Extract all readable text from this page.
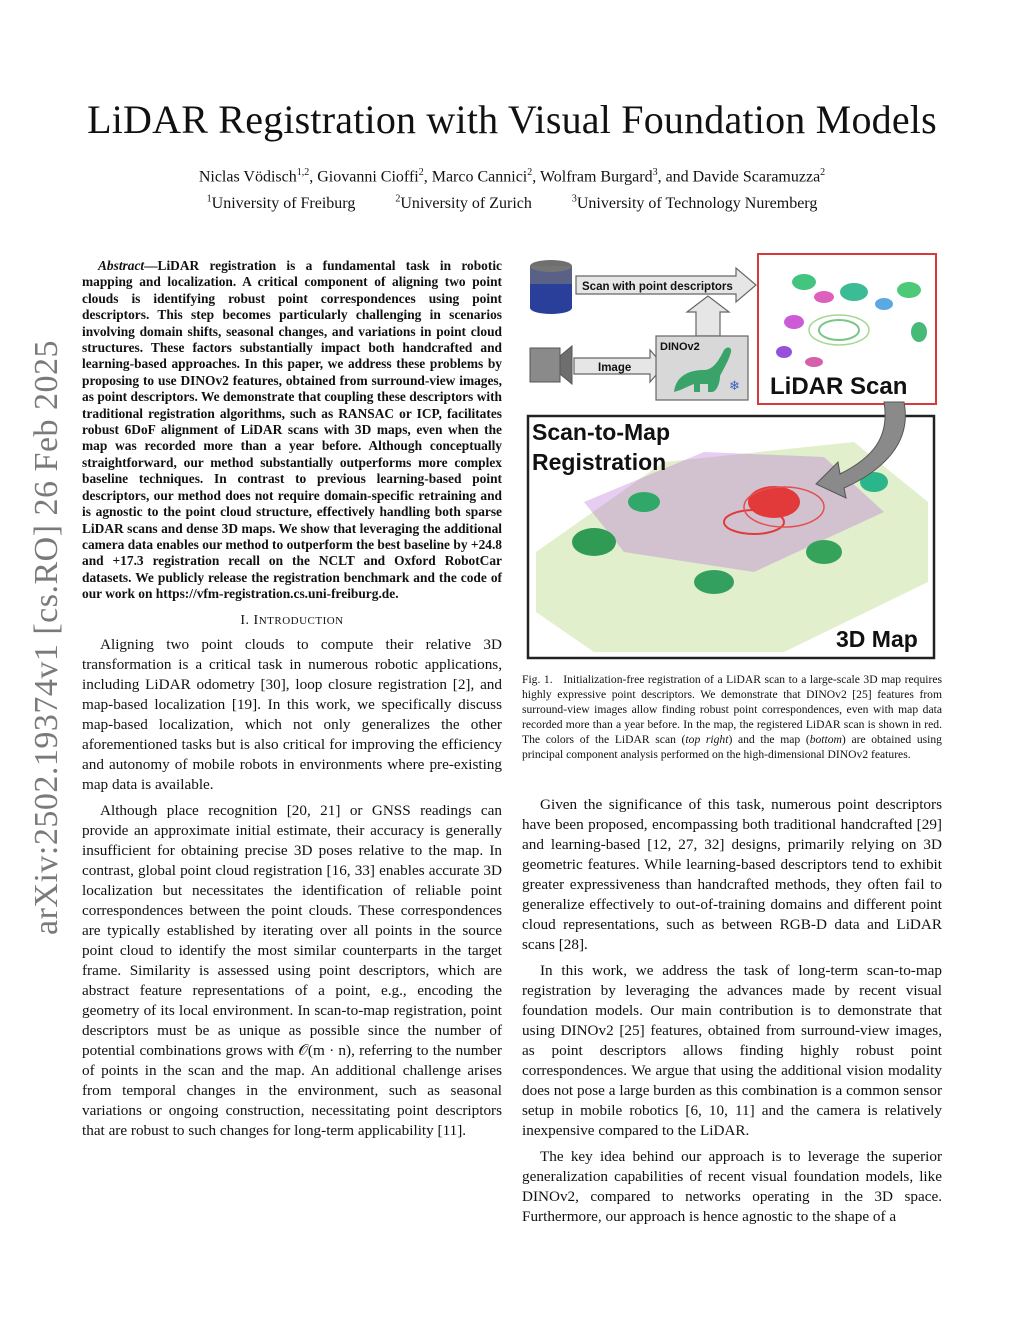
LiDAR Registration with Visual Foundation Models
Niclas Vödisch$^{1,2}$, Giovanni Cioffi$^2$, Marco Cannici$^2$, Wolfram Burgard$^3$, and Davide Scaramuzza$^2$
$^1$University of Freiburg	$^2$University of Zurich	$^3$University of Technology Nuremberg
arXiv:2502.19374v1 [cs.RO] 26 Feb 2025

Abstract—LiDAR registration is a fundamental task in robotic mapping and localization. A critical component of aligning two point clouds is identifying robust point correspondences using point descriptors. This step becomes particularly challenging in scenarios involving domain shifts, seasonal changes, and variations in point cloud structures. These factors substantially impact both handcrafted and learning-based approaches. In this paper, we address these problems by proposing to use DINOv2 features, obtained from surround-view images, as point descriptors. We demonstrate that coupling these descriptors with traditional registration algorithms, such as RANSAC or ICP, facilitates robust 6DoF alignment of LiDAR scans with 3D maps, even when the map was recorded more than a year before. Although conceptually straightforward, our method substantially outperforms more complex baseline techniques. In contrast to previous learning-based point descriptors, our method does not require domain-specific retraining and is agnostic to the point cloud structure, effectively handling both sparse LiDAR scans and dense 3D maps. We show that leveraging the additional camera data enables our method to outperform the best baseline by +24.8 and +17.3 registration recall on the NCLT and Oxford RobotCar datasets. We publicly release the registration benchmark and the code of our work on https://vfm-registration.cs.uni-freiburg.de.

I. INTRODUCTION

Aligning two point clouds to compute their relative 3D transformation is a critical task in numerous robotic applications, including LiDAR odometry [30], loop closure registration [2], and map-based localization [19]. In this work, we specifically discuss map-based localization, which not only generalizes the other aforementioned tasks but is also critical for improving the efficiency and autonomy of mobile robots in environments where pre-existing map data is available.

Although place recognition [20, 21] or GNSS readings can provide an approximate initial estimate, their accuracy is generally insufficient for obtaining precise 3D poses relative to the map. In contrast, global point cloud registration [16, 33] enables accurate 3D localization but necessitates the identification of reliable point correspondences between the point clouds. These correspondences are typically established by iterating over all points in the source point cloud to identify the most similar counterparts in the target frame. Similarity is assessed using point descriptors, which are abstract feature representations of a point, e.g., encoding the geometry of its local environment. In scan-to-map registration, point descriptors must be as unique as possible since the number of potential combinations grows with 𝒪(m · n), referring to the number of points in the scan and the map. An additional challenge arises from temporal changes in the environment, such as seasonal variations or ongoing construction, necessitating point descriptors that are robust to such changes for long-term applicability [11].

Scan with point descriptors
Image
❄
DINOv2
LiDAR Scan
Scan-to-Map
Registration
3D Map
Fig. 1. Initialization-free registration of a LiDAR scan to a large-scale 3D map requires highly expressive point descriptors. We demonstrate that DINOv2 [25] features from surround-view images allow finding robust point correspondences, even with map data recorded more than a year before. In the map, the registered LiDAR scan is shown in red. The colors of the LiDAR scan (top right) and the map (bottom) are obtained using principal component analysis performed on the high-dimensional DINOv2 features.

Given the significance of this task, numerous point descriptors have been proposed, encompassing both traditional handcrafted [29] and learning-based [12, 27, 32] designs, primarily relying on 3D geometric features. While learning-based descriptors tend to exhibit greater expressiveness than handcrafted methods, they often fail to generalize effectively to out-of-training domains and different point cloud representations, such as between RGB-D data and LiDAR scans [28].

In this work, we address the task of long-term scan-to-map registration by leveraging the advances made by recent visual foundation models. Our main contribution is to demonstrate that using DINOv2 [25] features, obtained from surround-view images, as point descriptors allows finding highly robust point correspondences. We argue that using the additional vision modality does not pose a large burden as this combination is a common sensor setup in mobile robotics [6, 10, 11] and the camera is relatively inexpensive compared to the LiDAR.

The key idea behind our approach is to leverage the superior generalization capabilities of recent visual foundation models, like DINOv2, compared to networks operating in the 3D space. Furthermore, our approach is hence agnostic to the shape of a
